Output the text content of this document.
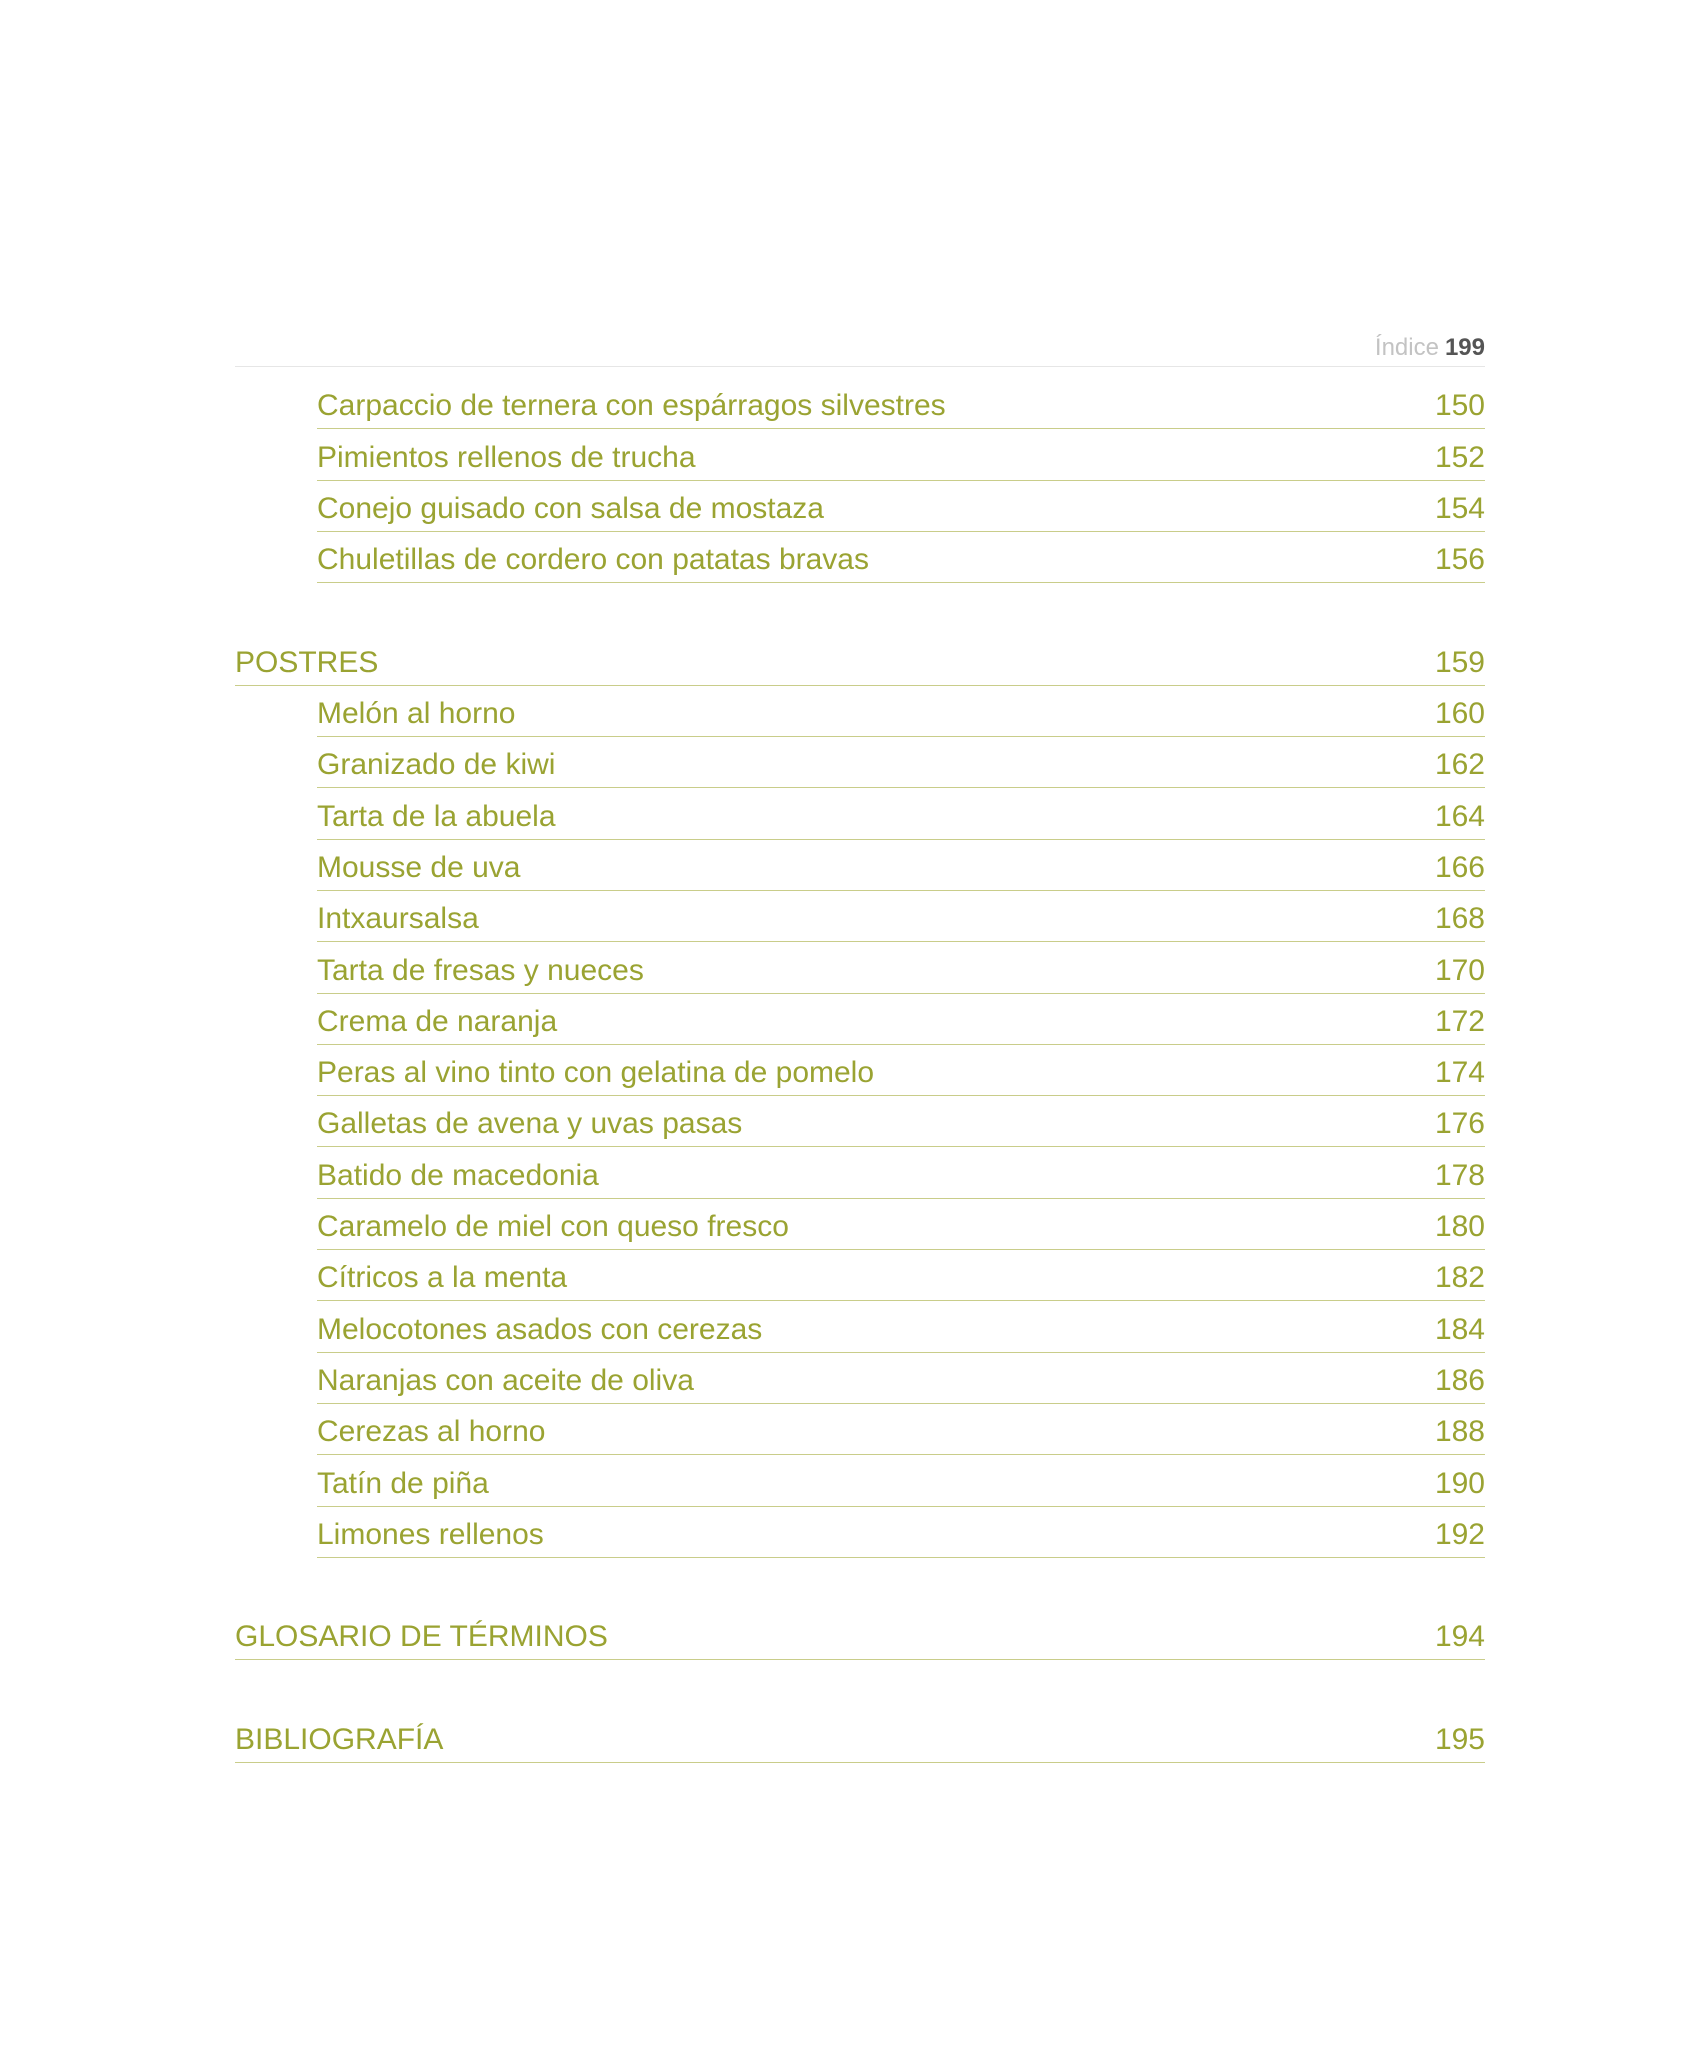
Índice 199
Carpaccio de ternera con espárragos silvestres	150
Pimientos rellenos de trucha	152
Conejo guisado con salsa de mostaza	154
Chuletillas de cordero con patatas bravas	156
POSTRES	159
Melón al horno	160
Granizado de kiwi	162
Tarta de la abuela	164
Mousse de uva	166
Intxaursalsa	168
Tarta de fresas y nueces	170
Crema de naranja	172
Peras al vino tinto con gelatina de pomelo	174
Galletas de avena y uvas pasas	176
Batido de macedonia	178
Caramelo de miel con queso fresco	180
Cítricos a la menta	182
Melocotones asados con cerezas	184
Naranjas con aceite de oliva	186
Cerezas al horno	188
Tatín de piña	190
Limones rellenos	192
GLOSARIO DE TÉRMINOS	194
BIBLIOGRAFÍA	195
